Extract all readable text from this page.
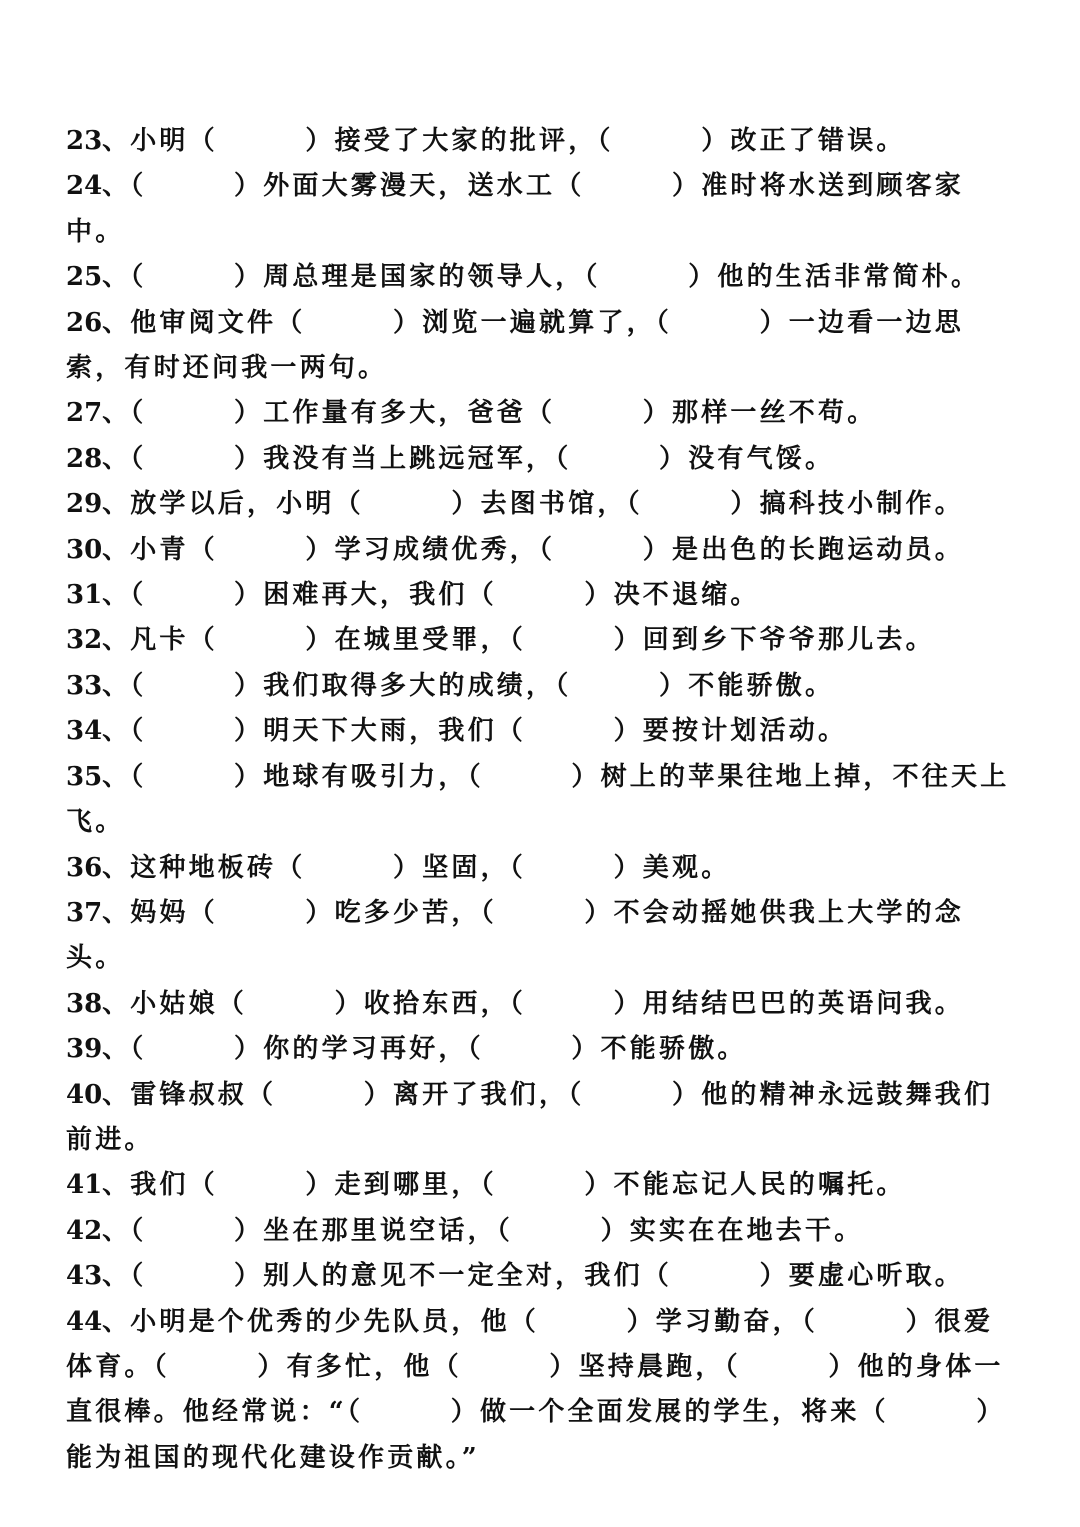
23、小明（　　　）接受了大家的批评，（　　　）改正了错误。

24、（　　　）外面大雾漫天，送水工（　　　）准时将水送到顾客家中。

25、（　　　）周总理是国家的领导人，（　　　）他的生活非常简朴。

26、他审阅文件（　　　）浏览一遍就算了，（　　　）一边看一边思索，有时还问我一两句。

27、（　　　）工作量有多大，爸爸（　　　）那样一丝不苟。

28、（　　　）我没有当上跳远冠军，（　　　）没有气馁。

29、放学以后，小明（　　　）去图书馆，（　　　）搞科技小制作。

30、小青（　　　）学习成绩优秀，（　　　）是出色的长跑运动员。

31、（　　　）困难再大，我们（　　　）决不退缩。

32、凡卡（　　　）在城里受罪，（　　　）回到乡下爷爷那儿去。

33、（　　　）我们取得多大的成绩，（　　　）不能骄傲。

34、（　　　）明天下大雨，我们（　　　）要按计划活动。

35、（　　　）地球有吸引力，（　　　）树上的苹果往地上掉，不往天上飞。

36、这种地板砖（　　　）坚固，（　　　）美观。

37、妈妈（　　　）吃多少苦，（　　　）不会动摇她供我上大学的念头。

38、小姑娘（　　　）收拾东西，（　　　）用结结巴巴的英语问我。

39、（　　　）你的学习再好，（　　　）不能骄傲。

40、雷锋叔叔（　　　）离开了我们，（　　　）他的精神永远鼓舞我们前进。

41、我们（　　　）走到哪里，（　　　）不能忘记人民的嘱托。

42、（　　　）坐在那里说空话，（　　　）实实在在地去干。

43、（　　　）别人的意见不一定全对，我们（　　　）要虚心听取。

44、小明是个优秀的少先队员，他（　　　）学习勤奋，（　　　）很爱体育。（　　　）有多忙，他（　　　）坚持晨跑，（　　　）他的身体一直很棒。他经常说：“（　　　）做一个全面发展的学生，将来（　　　）能为祖国的现代化建设作贡献。”
